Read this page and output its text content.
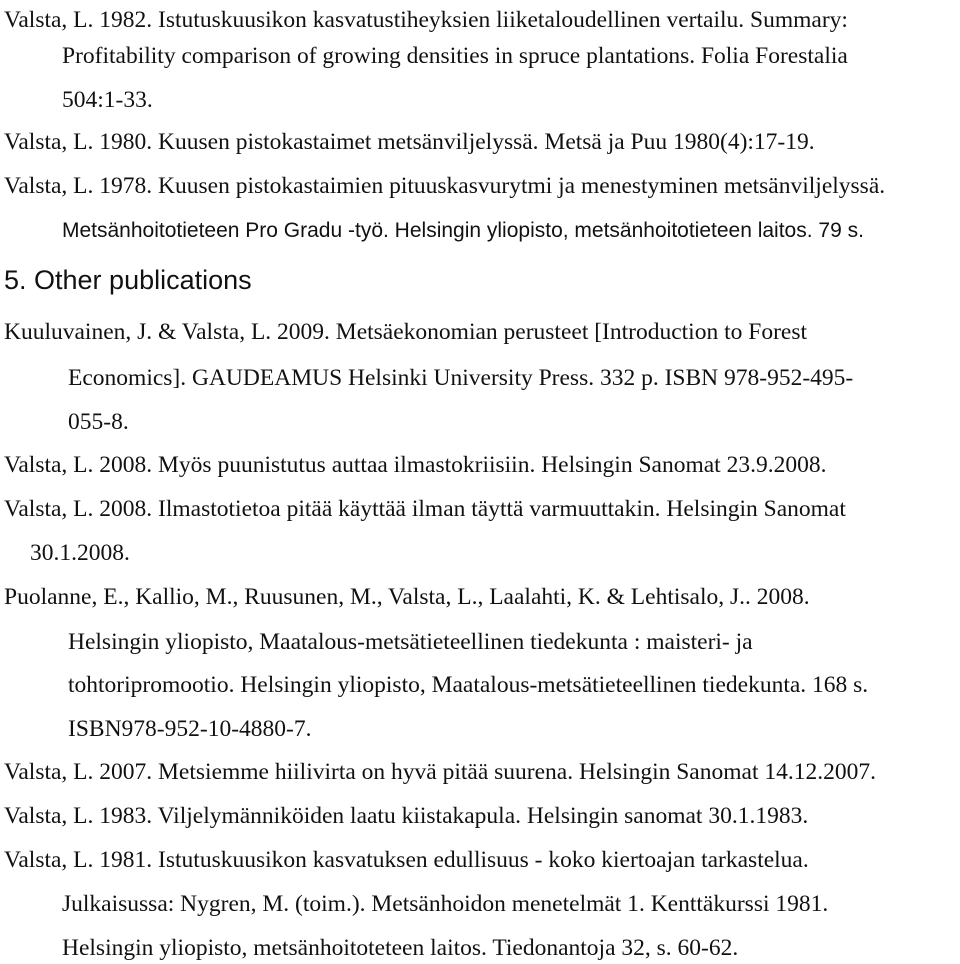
Valsta, L. 1982. Istutuskuusikon kasvatustiheyksien liiketaloudellinen vertailu. Summary:
Profitability comparison of growing densities in spruce plantations. Folia Forestalia
504:1-33.
Valsta, L. 1980. Kuusen pistokastaimet metsänviljelyssä. Metsä ja Puu 1980(4):17-19.
Valsta, L. 1978. Kuusen pistokastaimien pituuskasvurytmi ja menestyminen metsänviljelyssä.
Metsänhoitotieteen Pro Gradu -työ. Helsingin yliopisto, metsänhoitotieteen laitos. 79 s.
5. Other publications
Kuuluvainen, J. & Valsta, L. 2009. Metsäekonomian perusteet [Introduction to Forest
Economics]. GAUDEAMUS Helsinki University Press. 332 p. ISBN 978-952-495-
055-8.
Valsta, L. 2008. Myös puunistutus auttaa ilmastokriisiin. Helsingin Sanomat 23.9.2008.
Valsta, L. 2008. Ilmastotietoa pitää käyttää ilman täyttä varmuuttakin. Helsingin Sanomat
30.1.2008.
Puolanne, E., Kallio, M., Ruusunen, M., Valsta, L., Laalahti, K. & Lehtisalo, J.. 2008.
Helsingin yliopisto, Maatalous-metsätieteellinen tiedekunta : maisteri- ja
tohtoripromootio. Helsingin yliopisto, Maatalous-metsätieteellinen tiedekunta. 168 s.
ISBN978-952-10-4880-7.
Valsta, L. 2007. Metsiemme hiilivirta on hyvä pitää suurena. Helsingin Sanomat 14.12.2007.
Valsta, L. 1983. Viljelymänniköiden laatu kiistakapula. Helsingin sanomat 30.1.1983.
Valsta, L. 1981. Istutuskuusikon kasvatuksen edullisuus - koko kiertoajan tarkastelua.
Julkaisussa: Nygren, M. (toim.). Metsänhoidon menetelmät 1. Kenttäkurssi 1981.
Helsingin yliopisto, metsänhoitoteteen laitos. Tiedonantoja 32, s. 60-62.
